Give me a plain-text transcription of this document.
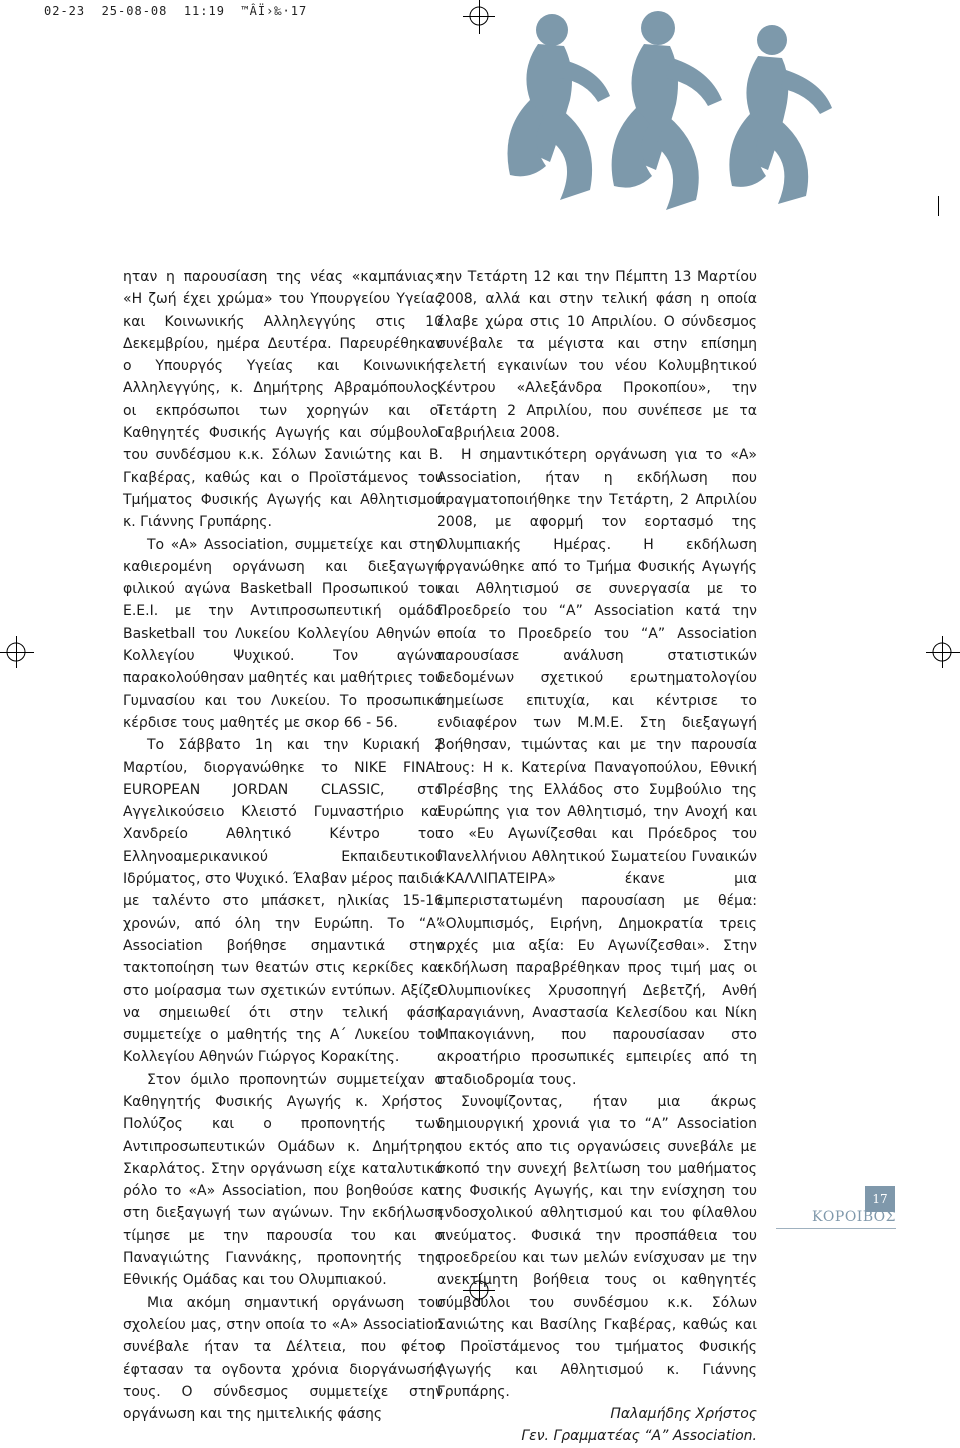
02-23  25-08-08  11:19  ™ÂÏ›‰·17

ηταν η παρουσίαση της νέας «καμπάνιας» «Η ζωή έχει χρώμα» του Υπουργείου Υγείας και Κοινωνικής Αλληλεγγύης στις 10 Δεκεμβρίου, ημέρα Δευτέρα. Παρευρέθηκαν ο Υπουργός Υγείας και Κοινωνικής Αλληλεγγύης, κ. Δημήτρης Αβραμόπουλος, οι εκπρόσωποι των χορηγών και οι Καθηγητές Φυσικής Αγωγής και σύμβουλοι του συνδέσμου κ.κ. Σόλων Σανιώτης και Β. Γκαβέρας, καθώς και ο Προϊστάμενος του Τμήματος Φυσικής Αγωγής και Αθλητισμού κ. Γιάννης Γρυπάρης.

Το «Α» Association, συμμετείχε και στην καθιερομένη οργάνωση και διεξαγωγή φιλικού αγώνα Basketball Προσωπικού του Ε.Ε.Ι. με την Αντιπροσωπευτική ομάδα Basketball του Λυκείου Κολλεγίου Αθηνών - Κολλεγίου Ψυχικού. Τον αγώνα παρακολούθησαν μαθητές και μαθήτριες του Γυμνασίου και του Λυκείου. Το προσωπικό κέρδισε τους μαθητές με σκορ 66 - 56.

Το Σάββατο 1η και την Κυριακή 2 Μαρτίου, διοργανώθηκε το NIKE FINAL EUROPEAN JORDAN CLASSIC, στο Αγγελικούσειο Κλειστό Γυμναστήριο και Χανδρείο Αθλητικό Κέντρο του Ελληνοαμερικανικού Εκπαιδευτικού Ιδρύματος, στο Ψυχικό. Έλαβαν μέρος παιδιά με ταλέντο στο μπάσκετ, ηλικίας 15-16 χρονών, από όλη την Ευρώπη. Το “Α” Association βοήθησε σημαντικά στην τακτοποίηση των θεατών στις κερκίδες και στο μοίρασμα των σχετικών εντύπων. Αξίζει να σημειωθεί ότι στην τελική φάση συμμετείχε ο μαθητής της Α΄ Λυκείου του Κολλεγίου Αθηνών Γιώργος Κορακίτης.

Στον όμιλο προπονητών συμμετείχαν ο Καθηγητής Φυσικής Αγωγής κ. Χρήστος Πολύζος και ο προπονητής των Αντιπροσωπευτικών Ομάδων κ. Δημήτρης Σκαρλάτος. Στην οργάνωση είχε καταλυτικό ρόλο το «Α» Association, που βοηθούσε και στη διεξαγωγή των αγώνων. Την εκδήλωση τίμησε με την παρουσία του και ο Παναγιώτης Γιαννάκης, προπονητής της Εθνικής Ομάδας και του Ολυμπιακού.

Μια ακόμη σημαντική οργάνωση του σχολείου μας, στην οποία το «Α» Association συνέβαλε ήταν τα Δέλτεια, που φέτος έφτασαν τα ογδοντα χρόνια διοργάνωσής τους. Ο σύνδεσμος συμμετείχε στην οργάνωση και της ημιτελικής φάσης

την Τετάρτη 12 και την Πέμπτη 13 Μαρτίου 2008, αλλά και στην τελική φάση η οποία έλαβε χώρα στις 10 Απριλίου. Ο σύνδεσμος συνέβαλε τα μέγιστα και στην επίσημη τελετή εγκαινίων του νέου Κολυμβητικού Κέντρου «Αλεξάνδρα Προκοπίου», την Τετάρτη 2 Απριλίου, που συνέπεσε με τα Γαβριήλεια 2008.

Η σημαντικότερη οργάνωση για το «Α» Association, ήταν η εκδήλωση που πραγματοποιήθηκε την Τετάρτη, 2 Απριλίου 2008, με αφορμή τον εορτασμό της Ολυμπιακής Ημέρας. Η εκδήλωση οργανώθηκε από το Τμήμα Φυσικής Αγωγής και Αθλητισμού σε συνεργασία με το Προεδρείο του “Α” Association κατά την οποία το Προεδρείο του “Α” Association παρουσίασε ανάλυση στατιστικών δεδομένων σχετικού ερωτηματολογίου σημείωσε επιτυχία, και κέντρισε το ενδιαφέρον των Μ.Μ.Ε. Στη διεξαγωγή βοήθησαν, τιμώντας και με την παρουσία τους: Η κ. Κατερίνα Παναγοπούλου, Εθνική Πρέσβης της Ελλάδος στο Συμβούλιο της Ευρώπης για τον Αθλητισμό, την Ανοχή και το «Ευ Αγωνίζεσθαι και Πρόεδρος του Πανελλήνιου Αθλητικού Σωματείου Γυναικών «ΚΑΛΛΙΠΑΤΕΙΡΑ» έκανε μια εμπεριστατωμένη παρουσίαση με θέμα: «Ολυμπισμός, Ειρήνη, Δημοκρατία τρεις αρχές μια αξία: Ευ Αγωνίζεσθαι». Στην εκδήλωση παραβρέθηκαν προς τιμή μας οι Ολυμπιονίκες Χρυσοπηγή Δεβετζή, Ανθή Καραγιάννη, Αναστασία Κελεσίδου και Νίκη Μπακογιάννη, που παρουσίασαν στο ακροατήριο προσωπικές εμπειρίες από τη σταδιοδρομία τους.

Συνοψίζοντας, ήταν μια άκρως δημιουργική χρονιά για το “Α” Association που εκτός απο τις οργανώσεις συνεβάλε με σκοπό την συνεχή βελτίωση του μαθήματος της Φυσικής Αγωγής, και την ενίσχηση του ενδοσχολικού αθλητισμού και του φίλαθλου πνεύματος. Φυσικά την προσπάθεια του προεδρείου και των μελών ενίσχυσαν με την ανεκτίμητη βοήθεια τους οι καθηγητές σύμβουλοι του συνδέσμου κ.κ. Σόλων Σανιώτης και Βασίλης Γκαβέρας, καθώς και ο Προϊστάμενος του τμήματος Φυσικής Αγωγής και Αθλητισμού κ. Γιάννης Γρυπάρης.

Παλαμήδης Χρήστος

Γεν. Γραμματέας “Α” Association.

17
ΚΟΡΟΙΒΟΣ
